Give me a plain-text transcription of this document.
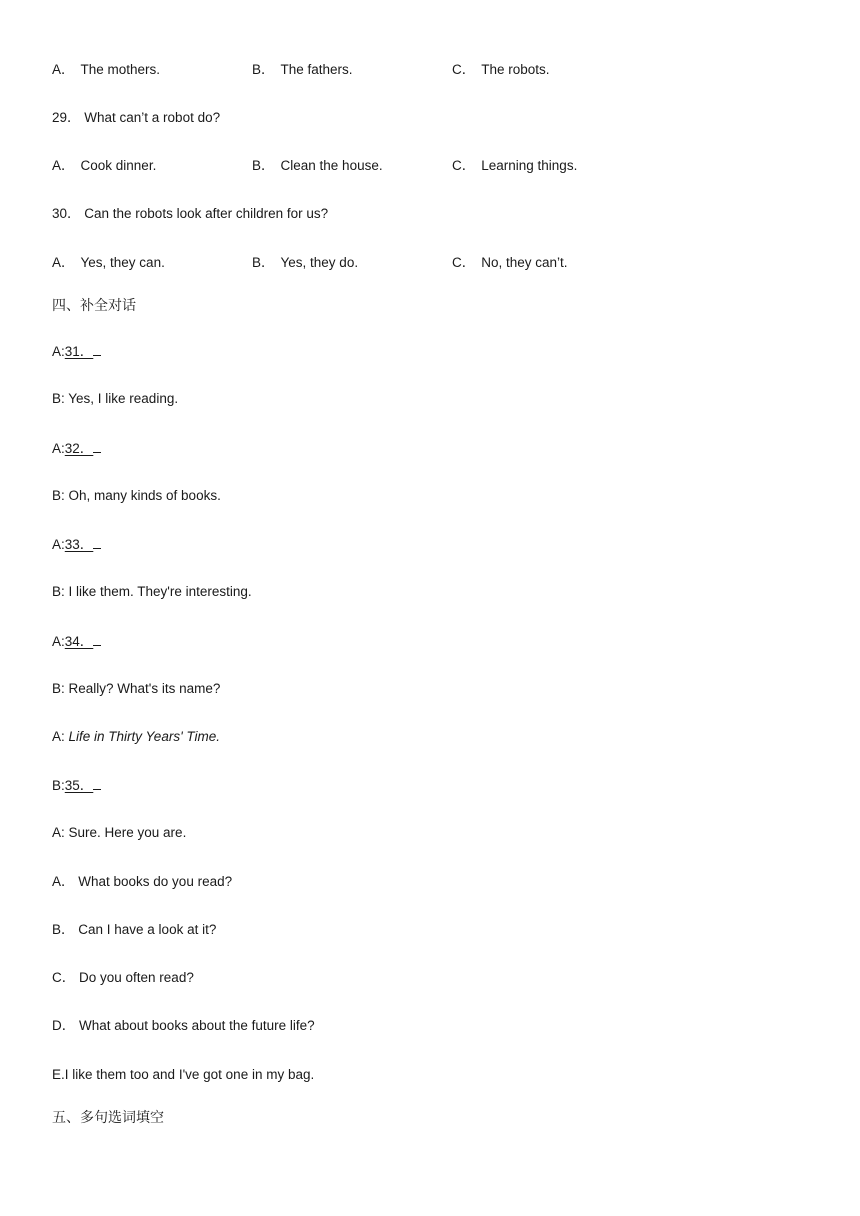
A． The mothers.	B． The fathers.	C． The robots.
29． What can’t a robot do?
A． Cook dinner.	B． Clean the house.	C． Learning things.
30． Can the robots look after children for us?
A． Yes, they can.	B． Yes, they do.	C． No, they can’t.
四、补全对话
A:31．
B: Yes, I like reading.
A:32．
B: Oh, many kinds of books.
A:33．
B: I like them. They're interesting.
A:34．
B: Really? What's its name?
A: Life in Thirty Years' Time.
B:35．
A: Sure. Here you are.
A． What books do you read?
B． Can I have a look at it?
C． Do you often read?
D． What about books about the future life?
E.I like them too and I've got one in my bag.
五、多句选词填空
